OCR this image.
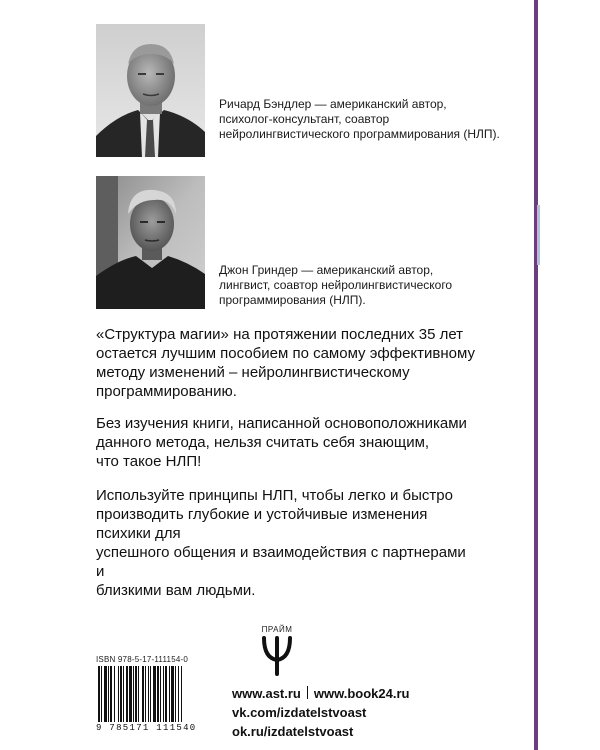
Ричард Бэндлер — американский автор,
психолог-консультант, соавтор
нейролингвистического программирования (НЛП).
Джон Гриндер — американский автор,
лингвист, соавтор нейролингвистического
программирования (НЛП).
«Структура магии» на протяжении последних 35 лет
остается лучшим пособием по самому эффективному
методу изменений – нейролингвистическому
программированию.
Без изучения книги, написанной основоположниками
данного метода, нельзя считать себя знающим,
что такое НЛП!
Используйте принципы НЛП, чтобы легко и быстро
производить глубокие и устойчивые изменения психики для
успешного общения и взаимодействия с партнерами и
близкими вам людьми.
ПРАЙМ
ISBN 978-5-17-111154-0
9 785171 111540
www.ast.ru www.book24.ru
vk.com/izdatelstvoast
ok.ru/izdatelstvoast
